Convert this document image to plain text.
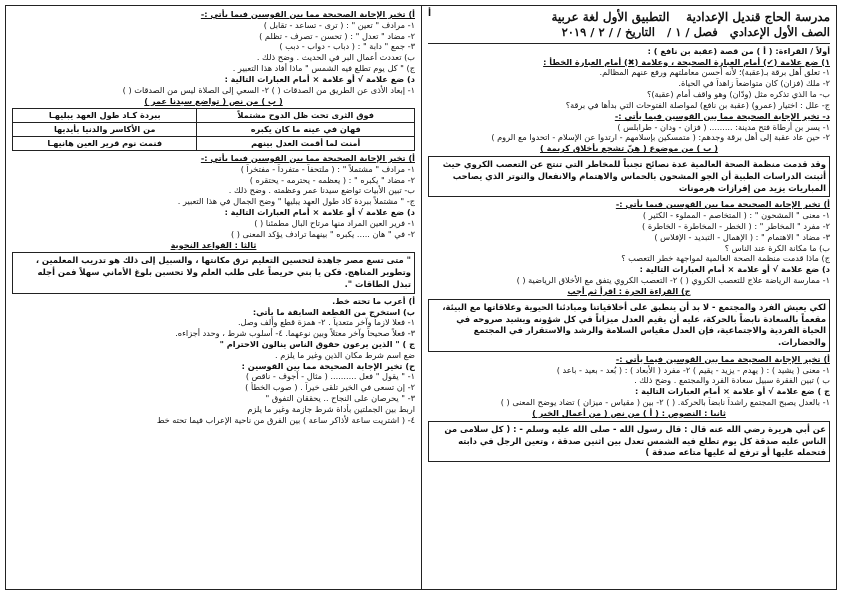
مدرسة الحاج قنديل الإعدادية    التطبيق الأول لغة عربية
الصف الأول الإعدادي   فصل / ١ /   التاريخ / / ٢ / ٢٠١٩
أ
أولاً / القراءة: ( أ ) من قصة (عقبة بن نافع ) :
١) ضع علامة (✔) أمام العبارة الصحيحة ، وعلامة (✖) أمام العبارة الخطأ :
١- تعلق أهل برقة بـ(عقبة)؛ لأنه أحسن معاملتهم ورفع عنهم المظالم.
٢- ملك (فزان) كان متواضعاً زاهداً في الحياة.
ب- ما الذي تذكره مثل (ودّان) وهو واقف أمام (عقبة)؟
ج- علل : اختيار (عمرو) (عقبة بن نافع) لمواصلة الفتوحات التي بدأها في برقة؟
د- تخير الإجابة الصحيحة مما بين القوسين فيما يأتي :-
١- يسر بن أرطاة فتح مدينة: ......... ( فزان - ودان - طرابلس )
٢- حين عاد عقبة إلى أهل برقة وجدهم: ( متمسكين بإسلامهم - ارتدوا عن الإسلام - اتحدوا مع الروم )
( ب ) من موضوع ( هنّ تشجع بأخلاق كريمة )
وقد قدمت منظمة الصحة العالمية عدة نصائح تجنباً للمخاطر التي تنتج عن التعصب الكروي حيث أثبتت الدراسات الطبية أن الجو المشحون بالحماس والاهتمام والانفعال والتوتر الذي يصاحب المباريات يزيد من إفرازات هرمونات
أ) تخير الإجابة الصحيحة مما بين القوسين فيما يأتي :-
١- معنى " المشحون " : ( المتخاصم - المملوء - الكثير )
٢- مفرد " المخاطر " : ( الخطر - المخاطرة - الخاطرة )
٣- مضاد " الاهتمام " : ( الإهمال - التبديد - الإفلاس )
ب) ما مكانة الكرة عند الناس ؟
ج) ماذا قدمت منظمة الصحة العالمية لمواجهة خطر التعصب ؟
د) ضع علامة √ أو علامة × أمام العبارات التالية :
١- ممارسة الرياضة علاج للتعصب الكروي ( ) ٢- التعصب الكروي يتفق مع الأخلاق الرياضية ( )
ج) القراءة الحرة : اقرأ ثم أجب
لكي يعيش الفرد والمجتمع - لا بد أن ينطبق على أخلاقياتنا ومبادئنا الحيوية وعلاقاتها مع البيئة، مقعماً بالسعادة نابضاً بالحركة، عليه أن يقيم العدل ميزاناً في كل شؤونه ويشيد صروحه في الحياة الفردية والاجتماعية، فإن العدل مقياس السلامة والرشد والاستقرار في المجتمع والحضارات.
أ) تخير الإجابة الصحيحة مما بين القوسين فيما يأتي :-
١- معنى ( يشيد ) : ( يهدم - يزيد - يقيم ) ٢- مفرد ( الأبعاد ) : ( بُعد - بعيد - باعد )
ب ) تبين الفقرة سبيل سعادة الفرد والمجتمع . وضح ذلك .
ج ) ضع علامة √ أو علامة × أمام العبارات التالية :
١- بالعدل يصبح المجتمع راشداً نابضاً بالحركة. ( ) ٢- بين ( مقياس - ميزان ) تضاد يوضح المعنى ( )
ثانيا : النصوص : ( أ ) من نص ( من أعمال الخير )
عن أبي هريرة رضي الله عنه قال : قال رسول الله - صلى الله عليه وسلم - : ( كل سلامى من الناس عليه صدقة كل يوم تطلع فيه الشمس تعدل بين اثنين صدقة ، وتعين الرجل في دابته فتحمله عليها أو ترفع له عليها متاعه صدقة )
أ) تخير الإجابة الصحيحة مما بين القوسين فيما يأتي :-
١- مرادف " تعين " : ( ترى - تساعد - تقابل )
٢- مضاد " تعدل " : ( تحسن - تصرف - تظلم )
٣- جمع " دابة " : ( دباب - دواب - دبب )
ب) تعددت أعمال البر في الحديث . وضح ذلك .
ج) " كل يوم تطلع فيه الشمس " ماذا أفاد هذا التعبير .
د) ضع علامة √ أو علامة × أمام العبارات التالية :
١- إبعاد الأذى عن الطريق من الصدقات ( ) ٢- السعي إلى الصلاة ليس من الصدقات ( )
( ب ) من نص ( تواضع سيدنا عمر )
فوق الثرى تحت ظل الدوح مشتملاً	ببردة كـاد طول العهد يبليهـا
فهان في عينه ما كان يكبره	من الأكاسر والدنيا بأيديها
أمنت لما أقمت العدل بينهم	فنمت نوم قرير العين هانيهـا
أ) تخير الإجابة الصحيحة مما بين القوسين فيما يأتي :-
١- مرادف " مشتملاً " : ( ملتحفاً - متفرداً - مفتخراً )
٢- مضاد " يكبره " : ( يعظمه - يحترمه - يحتقره )
ب- تبين الأبيات تواضع سيدنا عمر وعظمته . وضح ذلك .
ج- " مشتملاً ببردة كاد طول العهد يبليها " وضح الجمال في هذا التعبير .
د) ضع علامة √ أو علامة × أمام العبارات التالية :
١- فرير العين المراد منها مرتاح البال مطمئنا ( )
٢- في " هان ..... يكبره " بينهما ترادف يؤكد المعنى ( )
ثالثا : القواعد النحوية
" متى تسع مصر جاهدة لتحسين التعليم ترق مكانتها ، والسبيل إلى ذلك هو تدريب المعلمين ، وتطوير المناهج. فكن يا بني حريصاً على طلب العلم ولا تحسبن بلوغ الأماني سهلاً فمن أجله تبذل الطاقات ".
أ) أعرب ما تحته خط.
ب) استخرج من القطعة السابقة ما يأتي:
١- فعلا لازماً وآخر متعدياً . ٢- همزة قطع وألف وصل.
٣- فعلاً صحيحاً وآخر معتلاً وبين نوعهما. ٤- أسلوب شرط ، وحدد أجزاءه.
ج ) " الذين يرعون حقوق الناس ينالون الاحترام "
ضع اسم شرط مكان الذين وغير ما يلزم .
ح) تخير الإجابة الصحيحة مما بين القوسين :
١- " يقول " فعل .......... ( مثال - أجوف - ناقص )
٢- إن تسعى في الخير تلقى خيراً . ( صوب الخطأ )
٣- " يحرصان على النجاح .. يحققان التفوق "
اربط بين الجملتين بأداة شرط جازمة وغير ما يلزم
٤- ( اشتريت ساعة لأذاكر ساعة ) بين الفرق من ناحية الإعراب فيما تحته خط
